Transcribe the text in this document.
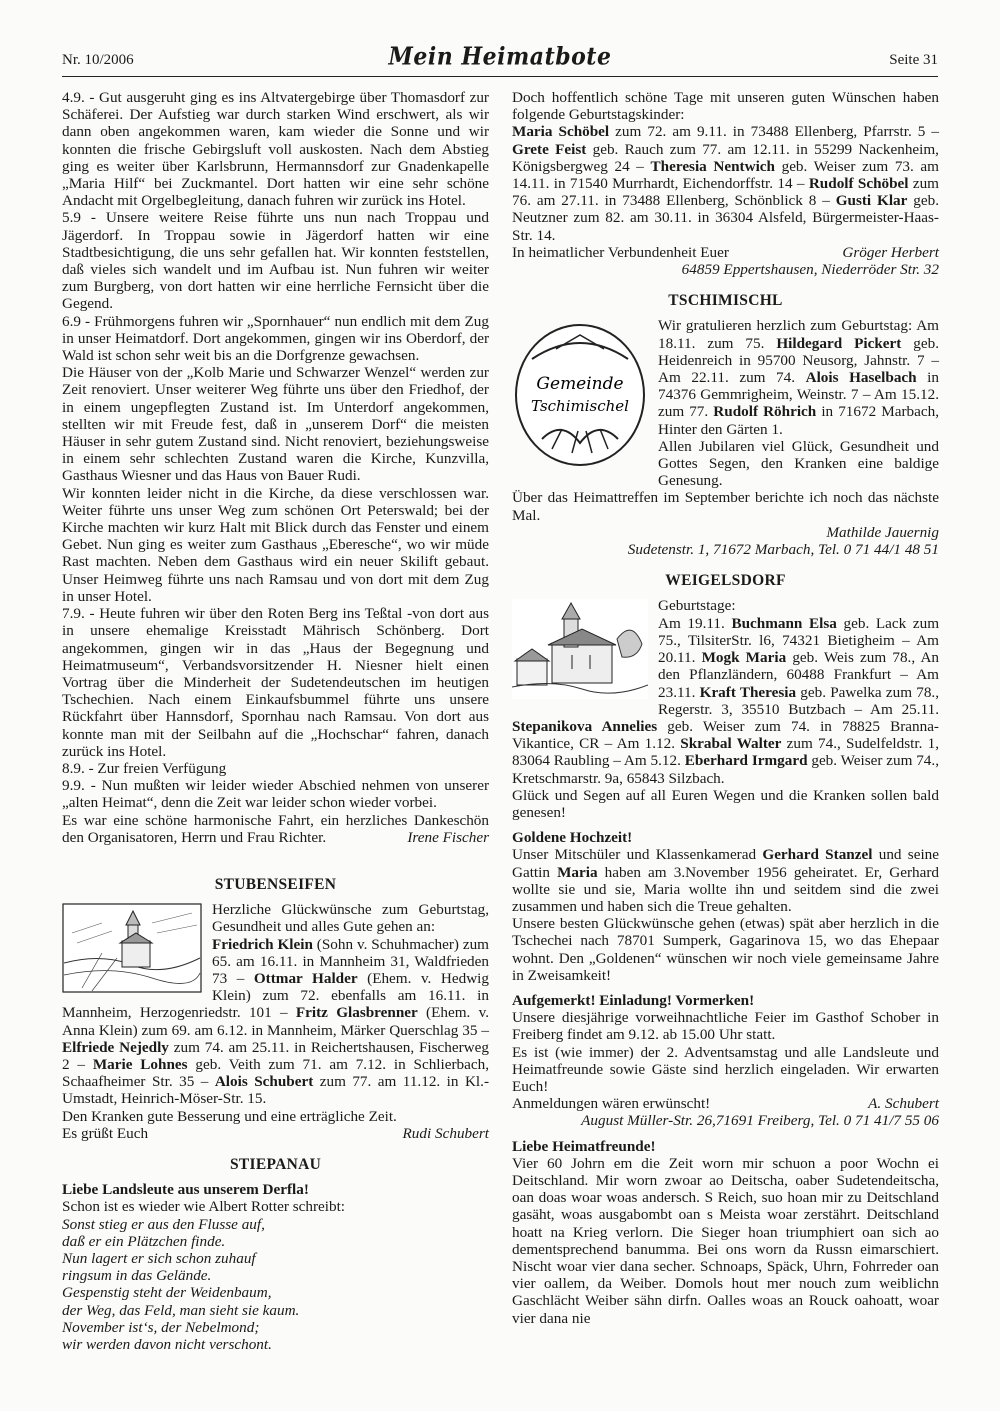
Nr. 10/2006	Mein Heimatbote	Seite 31

4.9. - Gut ausgeruht ging es ins Altvatergebirge über Thomasdorf zur Schäferei. Der Aufstieg war durch starken Wind erschwert, als wir dann oben angekommen waren, kam wieder die Sonne und wir konnten die frische Gebirgsluft voll auskosten. Nach dem Abstieg ging es weiter über Karlsbrunn, Hermannsdorf zur Gnadenkapelle „Maria Hilf“ bei Zuckmantel. Dort hatten wir eine sehr schöne Andacht mit Orgelbegleitung, danach fuhren wir zurück ins Hotel.

5.9 - Unsere weitere Reise führte uns nun nach Troppau und Jägerdorf. In Troppau sowie in Jägerdorf hatten wir eine Stadtbesichtigung, die uns sehr gefallen hat. Wir konnten feststellen, daß vieles sich wandelt und im Aufbau ist. Nun fuhren wir weiter zum Burgberg, von dort hatten wir eine herrliche Fernsicht über die Gegend.

6.9 - Frühmorgens fuhren wir „Spornhauer“ nun endlich mit dem Zug in unser Heimatdorf. Dort angekommen, gingen wir ins Oberdorf, der Wald ist schon sehr weit bis an die Dorfgrenze gewachsen.

Die Häuser von der „Kolb Marie und Schwarzer Wenzel“ werden zur Zeit renoviert. Unser weiterer Weg führte uns über den Friedhof, der in einem ungepflegten Zustand ist. Im Unterdorf angekommen, stellten wir mit Freude fest, daß in „unserem Dorf“ die meisten Häuser in sehr gutem Zustand sind. Nicht renoviert, beziehungsweise in einem sehr schlechten Zustand waren die Kirche, Kunzvilla, Gasthaus Wiesner und das Haus von Bauer Rudi.

Wir konnten leider nicht in die Kirche, da diese verschlossen war. Weiter führte uns unser Weg zum schönen Ort Peterswald; bei der Kirche machten wir kurz Halt mit Blick durch das Fenster und einem Gebet. Nun ging es weiter zum Gasthaus „Eberesche“, wo wir müde Rast machten. Neben dem Gasthaus wird ein neuer Skilift gebaut. Unser Heimweg führte uns nach Ramsau und von dort mit dem Zug in unser Hotel.

7.9. - Heute fuhren wir über den Roten Berg ins Teßtal -von dort aus in unsere ehemalige Kreisstadt Mährisch Schönberg. Dort angekommen, gingen wir in das „Haus der Begegnung und Heimatmuseum“, Verbandsvorsitzender H. Niesner hielt einen Vortrag über die Minderheit der Sudetendeutschen im heutigen Tschechien. Nach einem Einkaufsbummel führte uns unsere Rückfahrt über Hannsdorf, Spornhau nach Ramsau. Von dort aus konnte man mit der Seilbahn auf die „Hochschar“ fahren, danach zurück ins Hotel.

8.9. - Zur freien Verfügung

9.9. - Nun mußten wir leider wieder Abschied nehmen von unserer „alten Heimat“, denn die Zeit war leider schon wieder vorbei.

Es war eine schöne harmonische Fahrt, ein herzliches Dankeschön den Organisatoren, Herrn und Frau Richter.	Irene Fischer

STUBENSEIFEN

Herzliche Glückwünsche zum Geburtstag, Gesundheit und alles Gute gehen an:
Friedrich Klein (Sohn v. Schuhmacher) zum 65. am 16.11. in Mannheim 31, Waldfrieden 73 – Ottmar Halder (Ehem. v. Hedwig Klein) zum 72. ebenfalls am 16.11. in Mannheim, Herzogenriedstr. 101 – Fritz Glasbrenner (Ehem. v. Anna Klein) zum 69. am 6.12. in Mannheim, Märker Querschlag 35 – Elfriede Nejedly zum 74. am 25.11. in Reichertshausen, Fischerweg 2 – Marie Lohnes geb. Veith zum 71. am 7.12. in Schlierbach, Schaafheimer Str. 35 – Alois Schubert zum 77. am 11.12. in Kl.-Umstadt, Heinrich-Möser-Str. 15.

Den Kranken gute Besserung und eine erträgliche Zeit.

Es grüßt Euch	Rudi Schubert
STIEPANAU
Liebe Landsleute aus unserem Derfla!

Schon ist es wieder wie Albert Rotter schreibt:

Sonst stieg er aus den Flusse auf,
daß er ein Plätzchen finde.
Nun lagert er sich schon zuhauf
ringsum in das Gelände.
Gespenstig steht der Weidenbaum,
der Weg, das Feld, man sieht sie kaum.
November ist‘s, der Nebelmond;
wir werden davon nicht verschont.

Doch hoffentlich schöne Tage mit unseren guten Wünschen haben folgende Geburtstagskinder:

Maria Schöbel zum 72. am 9.11. in 73488 Ellenberg, Pfarrstr. 5 – Grete Feist geb. Rauch zum 77. am 12.11. in 55299 Nackenheim, Königsbergweg 24 – Theresia Nentwich geb. Weiser zum 73. am 14.11. in 71540 Murrhardt, Eichendorffstr. 14 – Rudolf Schöbel zum 76. am 27.11. in 73488 Ellenberg, Schönblick 8 – Gusti Klar geb. Neutzner zum 82. am 30.11. in 36304 Alsfeld, Bürgermeister-Haas-Str. 14.

In heimatlicher Verbundenheit Euer	Gröger Herbert
64859 Eppertshausen, Niederröder Str. 32
TSCHIMISCHL
Gemeinde
Tschimischel

Wir gratulieren herzlich zum Geburtstag: Am 18.11. zum 75. Hildegard Pickert geb. Heidenreich in 95700 Neusorg, Jahnstr. 7 – Am 22.11. zum 74. Alois Haselbach in 74376 Gemmrigheim, Weinstr. 7 – Am 15.12. zum 77. Rudolf Röhrich in 71672 Marbach, Hinter den Gärten 1.

Allen Jubilaren viel Glück, Gesundheit und Gottes Segen, den Kranken eine baldige Genesung.

Über das Heimattreffen im September berichte ich noch das nächste Mal.

Mathilde Jauernig
Sudetenstr. 1, 71672 Marbach, Tel. 0 71 44/1 48 51
WEIGELSDORF

Geburtstage:

Am 19.11. Buchmann Elsa geb. Lack zum 75., TilsiterStr. l6, 74321 Bietigheim – Am 20.11. Mogk Maria geb. Weis zum 78., An den Pflanzländern, 60488 Frankfurt – Am 23.11. Kraft Theresia geb. Pawelka zum 78., Regerstr. 3, 35510 Butzbach – Am 25.11. Stepanikova Annelies geb. Weiser zum 74. in 78825 Branna-Vikantice, CR – Am 1.12. Skrabal Walter zum 74., Sudelfeldstr. 1, 83064 Raubling – Am 5.12. Eberhard Irmgard geb. Weiser zum 74., Kretschmarstr. 9a, 65843 Silzbach.

Glück und Segen auf all Euren Wegen und die Kranken sollen bald genesen!

Goldene Hochzeit!

Unser Mitschüler und Klassenkamerad Gerhard Stanzel und seine Gattin Maria haben am 3.November 1956 geheiratet. Er, Gerhard wollte sie und sie, Maria wollte ihn und seitdem sind die zwei zusammen und haben sich die Treue gehalten.

Unsere besten Glückwünsche gehen (etwas) spät aber herzlich in die Tschechei nach 78701 Sumperk, Gagarinova 15, wo das Ehepaar wohnt. Den „Goldenen“ wünschen wir noch viele gemeinsame Jahre in Zweisamkeit!

Aufgemerkt! Einladung! Vormerken!

Unsere diesjährige vorweihnachtliche Feier im Gasthof Schober in Freiberg findet am 9.12. ab 15.00 Uhr statt.

Es ist (wie immer) der 2. Adventsamstag und alle Landsleute und Heimatfreunde sowie Gäste sind herzlich eingeladen. Wir erwarten Euch!

Anmeldungen wären erwünscht!	A. Schubert
August Müller-Str. 26,71691 Freiberg, Tel. 0 71 41/7 55 06
Liebe Heimatfreunde!

Vier 60 Johrn em die Zeit worn mir schuon a poor Wochn ei Deitschland. Mir worn zwoar ao Deitscha, oaber Sudetendeitscha, oan doas woar woas andersch. S Reich, suo hoan mir zu Deitschland gasäht, woas ausgabombt oan s Meista woar zerstährt. Deitschland hoatt na Krieg verlorn. Die Sieger hoan triumphiert oan sich ao dementsprechend banumma. Bei ons worn da Russn eimarschiert. Nischt woar vier dana secher. Schnoaps, Späck, Uhrn, Fohrreder oan vier oallem, da Weiber. Domols hout mer nouch zum weiblichn Gaschlächt Weiber sähn dirfn. Oalles woas an Rouck oahoatt, woar vier dana nie
